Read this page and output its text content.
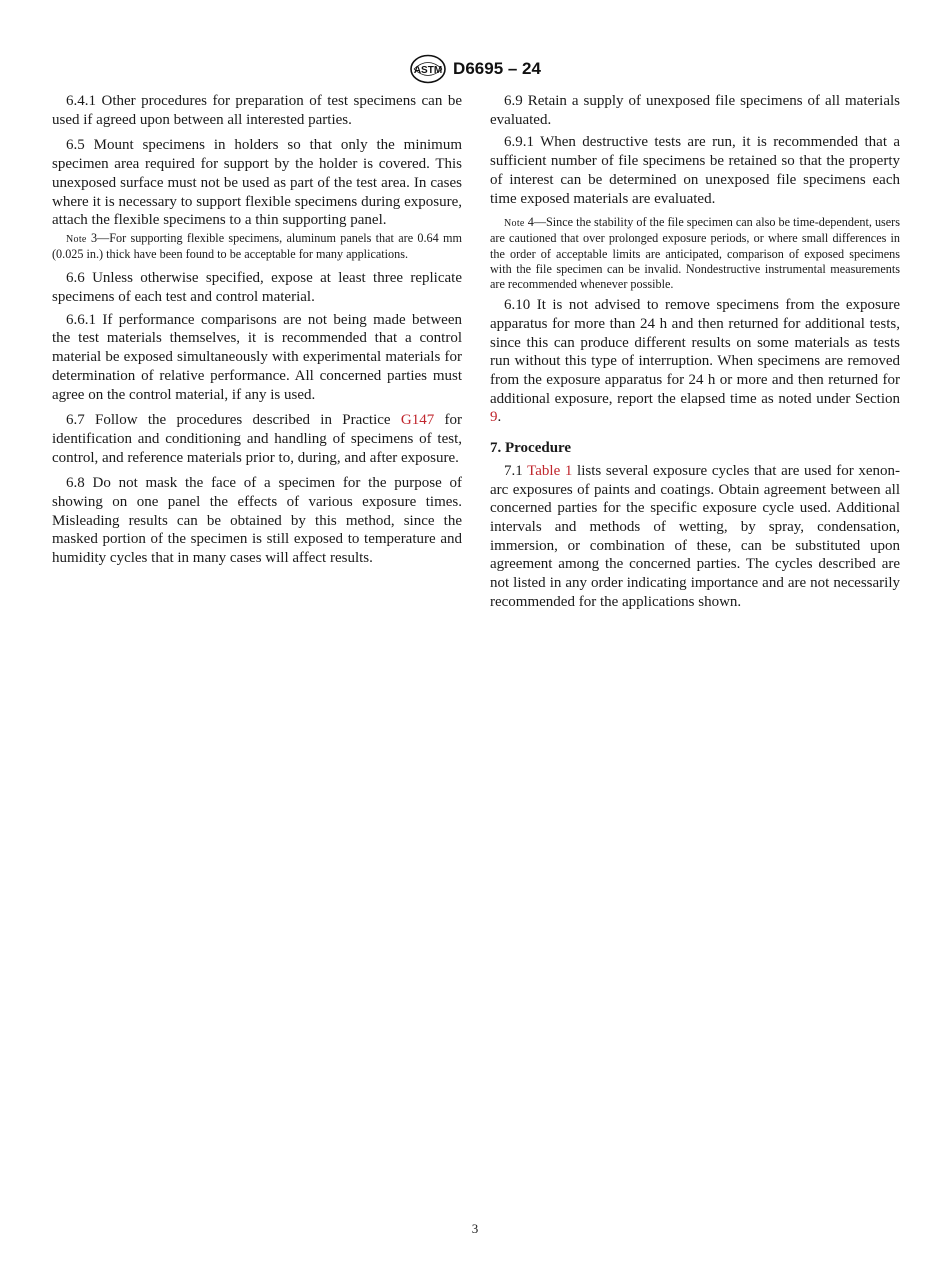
ASTM D6695 – 24

6.4.1 Other procedures for preparation of test specimens can be used if agreed upon between all interested parties.

6.5 Mount specimens in holders so that only the minimum specimen area required for support by the holder is covered. This unexposed surface must not be used as part of the test area. In cases where it is necessary to support flexible specimens during exposure, attach the flexible specimens to a thin supporting panel.

Note 3—For supporting flexible specimens, aluminum panels that are 0.64 mm (0.025 in.) thick have been found to be acceptable for many applications.

6.6 Unless otherwise specified, expose at least three replicate specimens of each test and control material.

6.6.1 If performance comparisons are not being made between the test materials themselves, it is recommended that a control material be exposed simultaneously with experimental materials for determination of relative performance. All concerned parties must agree on the control material, if any is used.

6.7 Follow the procedures described in Practice G147 for identification and conditioning and handling of specimens of test, control, and reference materials prior to, during, and after exposure.

6.8 Do not mask the face of a specimen for the purpose of showing on one panel the effects of various exposure times. Misleading results can be obtained by this method, since the masked portion of the specimen is still exposed to temperature and humidity cycles that in many cases will affect results.

6.9 Retain a supply of unexposed file specimens of all materials evaluated.

6.9.1 When destructive tests are run, it is recommended that a sufficient number of file specimens be retained so that the property of interest can be determined on unexposed file specimens each time exposed materials are evaluated.

Note 4—Since the stability of the file specimen can also be time-dependent, users are cautioned that over prolonged exposure periods, or where small differences in the order of acceptable limits are anticipated, comparison of exposed specimens with the file specimen can be invalid. Nondestructive instrumental measurements are recommended whenever possible.

6.10 It is not advised to remove specimens from the exposure apparatus for more than 24 h and then returned for additional tests, since this can produce different results on some materials as tests run without this type of interruption. When specimens are removed from the exposure apparatus for 24 h or more and then returned for additional exposure, report the elapsed time as noted under Section 9.

7. Procedure

7.1 Table 1 lists several exposure cycles that are used for xenon-arc exposures of paints and coatings. Obtain agreement between all concerned parties for the specific exposure cycle used. Additional intervals and methods of wetting, by spray, condensation, immersion, or combination of these, can be substituted upon agreement among the concerned parties. The cycles described are not listed in any order indicating importance and are not necessarily recommended for the applications shown.

3
